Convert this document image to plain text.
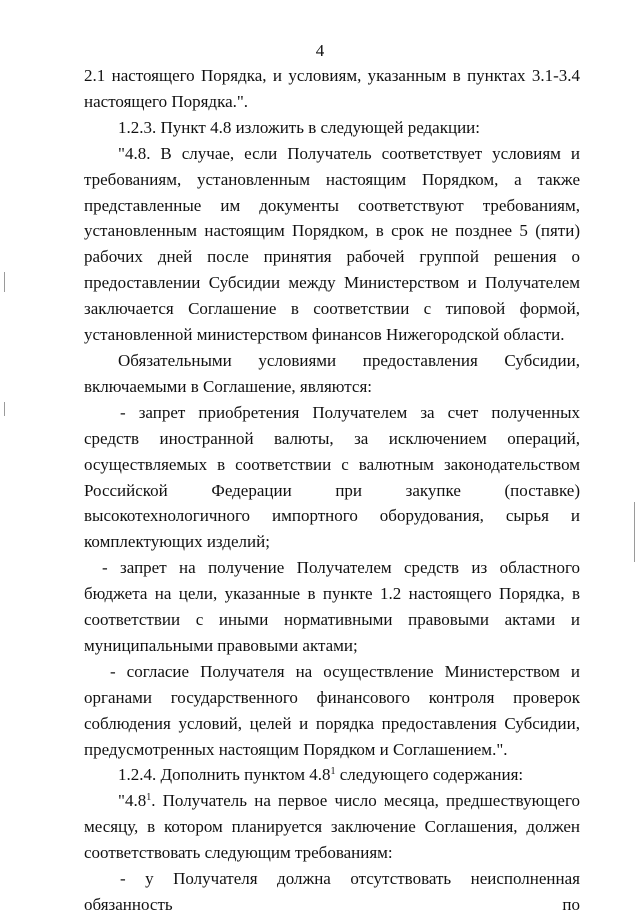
4

2.1 настоящего Порядка, и условиям, указанным в пунктах 3.1-3.4 настоящего Порядка.".

1.2.3. Пункт 4.8 изложить в следующей редакции:

"4.8. В случае, если Получатель соответствует условиям и требованиям, установленным настоящим Порядком, а также представленные им документы соответствуют требованиям, установленным настоящим Порядком, в срок не позднее 5 (пяти) рабочих дней после принятия рабочей группой решения о предоставлении Субсидии между Министерством и Получателем заключается Соглашение в соответствии с типовой формой, установленной министерством финансов Нижегородской области.

Обязательными условиями предоставления Субсидии, включаемыми в Соглашение, являются:

- запрет приобретения Получателем за счет полученных средств иностранной валюты, за исключением операций, осуществляемых в соответствии с валютным законодательством Российской Федерации при закупке (поставке) высокотехнологичного импортного оборудования, сырья и комплектующих изделий;

- запрет на получение Получателем средств из областного бюджета на цели, указанные в пункте 1.2 настоящего Порядка, в соответствии с иными нормативными правовыми актами и муниципальными правовыми актами;

- согласие Получателя на осуществление Министерством и органами государственного финансового контроля проверок соблюдения условий, целей и порядка предоставления Субсидии, предусмотренных настоящим Порядком и Соглашением.".

1.2.4. Дополнить пунктом $4.8^1$ следующего содержания:

"$4.8^1$. Получатель на первое число месяца, предшествующего месяцу, в котором планируется заключение Соглашения, должен соответствовать следующим требованиям:

- у Получателя должна отсутствовать неисполненная обязанность по
